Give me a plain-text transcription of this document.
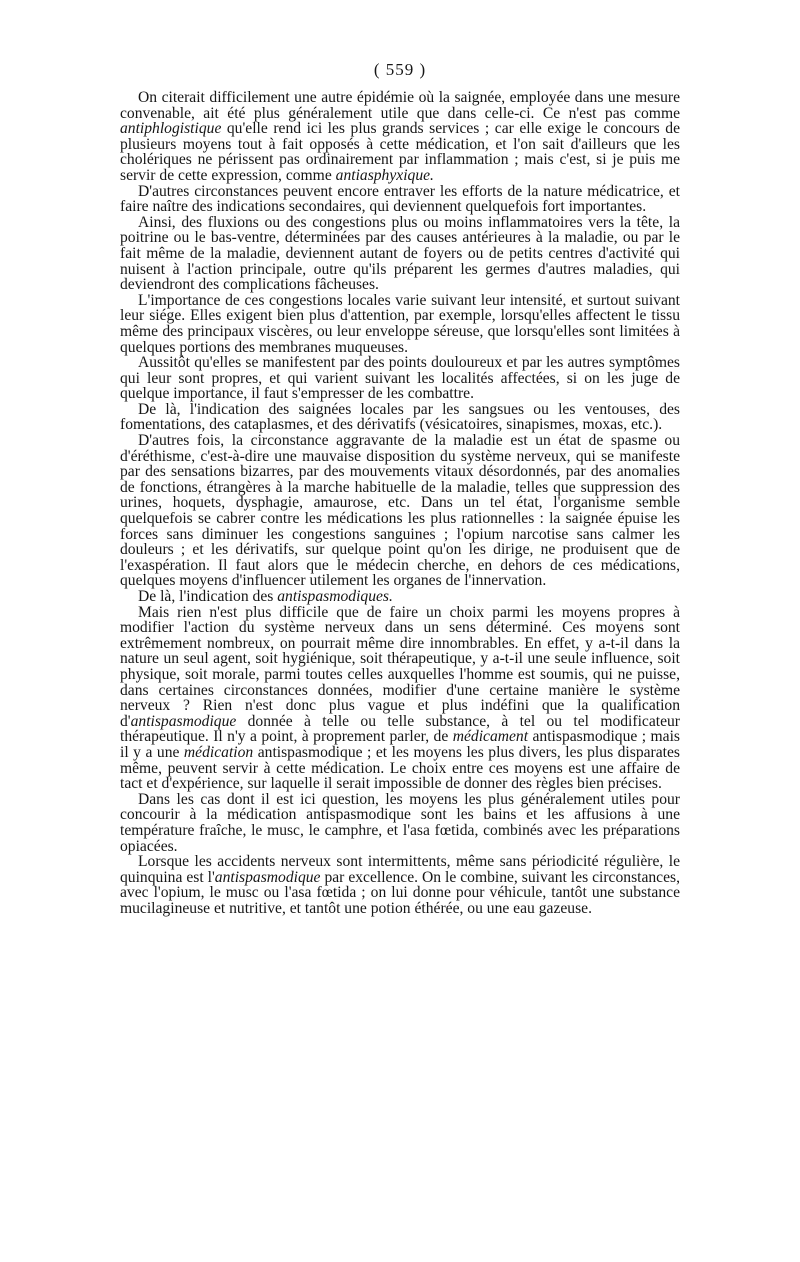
( 559 )

On citerait difficilement une autre épidémie où la saignée, employée dans une mesure convenable, ait été plus généralement utile que dans celle-ci. Ce n'est pas comme antiphlogistique qu'elle rend ici les plus grands services ; car elle exige le concours de plusieurs moyens tout à fait opposés à cette médication, et l'on sait d'ailleurs que les cholériques ne périssent pas ordinairement par inflammation ; mais c'est, si je puis me servir de cette expression, comme antiasphyxique.

D'autres circonstances peuvent encore entraver les efforts de la nature médicatrice, et faire naître des indications secondaires, qui deviennent quelquefois fort importantes.

Ainsi, des fluxions ou des congestions plus ou moins inflammatoires vers la tête, la poitrine ou le bas-ventre, déterminées par des causes antérieures à la maladie, ou par le fait même de la maladie, deviennent autant de foyers ou de petits centres d'activité qui nuisent à l'action principale, outre qu'ils préparent les germes d'autres maladies, qui deviendront des complications fâcheuses.

L'importance de ces congestions locales varie suivant leur intensité, et surtout suivant leur siége. Elles exigent bien plus d'attention, par exemple, lorsqu'elles affectent le tissu même des principaux viscères, ou leur enveloppe séreuse, que lorsqu'elles sont limitées à quelques portions des membranes muqueuses.

Aussitôt qu'elles se manifestent par des points douloureux et par les autres symptômes qui leur sont propres, et qui varient suivant les localités affectées, si on les juge de quelque importance, il faut s'empresser de les combattre.

De là, l'indication des saignées locales par les sangsues ou les ventouses, des fomentations, des cataplasmes, et des dérivatifs (vésicatoires, sinapismes, moxas, etc.).

D'autres fois, la circonstance aggravante de la maladie est un état de spasme ou d'éréthisme, c'est-à-dire une mauvaise disposition du système nerveux, qui se manifeste par des sensations bizarres, par des mouvements vitaux désordonnés, par des anomalies de fonctions, étrangères à la marche habituelle de la maladie, telles que suppression des urines, hoquets, dysphagie, amaurose, etc. Dans un tel état, l'organisme semble quelquefois se cabrer contre les médications les plus rationnelles : la saignée épuise les forces sans diminuer les congestions sanguines ; l'opium narcotise sans calmer les douleurs ; et les dérivatifs, sur quelque point qu'on les dirige, ne produisent que de l'exaspération. Il faut alors que le médecin cherche, en dehors de ces médications, quelques moyens d'influencer utilement les organes de l'innervation.

De là, l'indication des antispasmodiques.

Mais rien n'est plus difficile que de faire un choix parmi les moyens propres à modifier l'action du système nerveux dans un sens déterminé. Ces moyens sont extrêmement nombreux, on pourrait même dire innombrables. En effet, y a-t-il dans la nature un seul agent, soit hygiénique, soit thérapeutique, y a-t-il une seule influence, soit physique, soit morale, parmi toutes celles auxquelles l'homme est soumis, qui ne puisse, dans certaines circonstances données, modifier d'une certaine manière le système nerveux ? Rien n'est donc plus vague et plus indéfini que la qualification d'antispasmodique donnée à telle ou telle substance, à tel ou tel modificateur thérapeutique. Il n'y a point, à proprement parler, de médicament antispasmodique ; mais il y a une médication antispasmodique ; et les moyens les plus divers, les plus disparates même, peuvent servir à cette médication. Le choix entre ces moyens est une affaire de tact et d'expérience, sur laquelle il serait impossible de donner des règles bien précises.

Dans les cas dont il est ici question, les moyens les plus généralement utiles pour concourir à la médication antispasmodique sont les bains et les affusions à une température fraîche, le musc, le camphre, et l'asa fœtida, combinés avec les préparations opiacées.

Lorsque les accidents nerveux sont intermittents, même sans périodicité régulière, le quinquina est l'antispasmodique par excellence. On le combine, suivant les circonstances, avec l'opium, le musc ou l'asa fœtida ; on lui donne pour véhicule, tantôt une substance mucilagineuse et nutritive, et tantôt une potion éthérée, ou une eau gazeuse.
